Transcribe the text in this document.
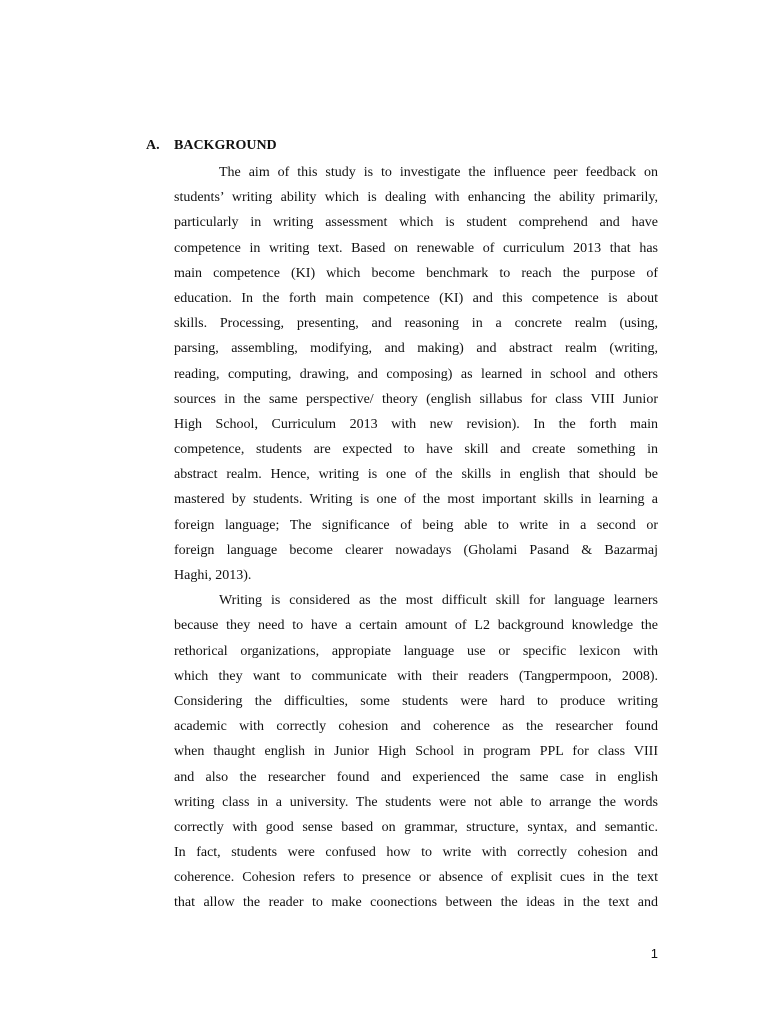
A. BACKGROUND
The aim of this study is to investigate the influence peer feedback on
students’ writing ability which is dealing with enhancing the ability primarily,
particularly in writing assessment which is student comprehend and have
competence in writing text. Based on renewable of curriculum 2013 that has
main competence (KI) which become benchmark to reach the purpose of
education. In the forth main competence (KI) and this competence is about
skills. Processing, presenting, and reasoning in a concrete realm (using,
parsing, assembling, modifying, and making) and abstract realm (writing,
reading, computing, drawing, and composing) as learned in school and others
sources in the same perspective/ theory (english sillabus for class VIII Junior
High School, Curriculum 2013 with new revision). In the forth main
competence, students are expected to have skill and create something in
abstract realm. Hence, writing is one of the skills in english that should be
mastered by students. Writing is one of the most important skills in learning a
foreign language; The significance of being able to write in a second or
foreign language become clearer nowadays (Gholami Pasand & Bazarmaj
Haghi, 2013).
Writing is considered as the most difficult skill for language learners
because they need to have a certain amount of L2 background knowledge the
rethorical organizations, appropiate language use or specific lexicon with
which they want to communicate with their readers (Tangpermpoon, 2008).
Considering the difficulties, some students were hard to produce writing
academic with correctly cohesion and coherence as the researcher found
when thaught english in Junior High School in program PPL for class VIII
and also the researcher found and experienced the same case in english
writing class in a university. The students were not able to arrange the words
correctly with good sense based on grammar, structure, syntax, and semantic.
In fact, students were confused how to write with correctly cohesion and
coherence. Cohesion refers to presence or absence of explisit cues in the text
that allow the reader to make coonections between the ideas in the text and
1
